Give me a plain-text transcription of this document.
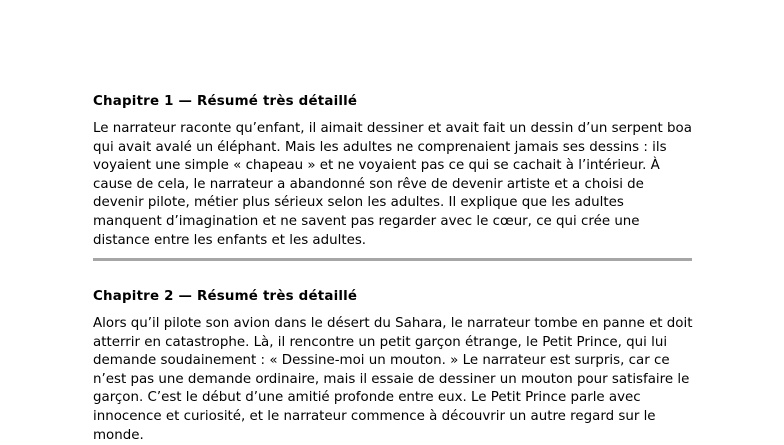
Chapitre 1 — Résumé très détaillé

Le narrateur raconte qu’enfant, il aimait dessiner et avait fait un dessin d’un serpent boa qui avait avalé un éléphant. Mais les adultes ne comprenaient jamais ses dessins : ils voyaient une simple « chapeau » et ne voyaient pas ce qui se cachait à l’intérieur. À cause de cela, le narrateur a abandonné son rêve de devenir artiste et a choisi de devenir pilote, métier plus sérieux selon les adultes. Il explique que les adultes manquent d’imagination et ne savent pas regarder avec le cœur, ce qui crée une distance entre les enfants et les adultes.

Chapitre 2 — Résumé très détaillé

Alors qu’il pilote son avion dans le désert du Sahara, le narrateur tombe en panne et doit atterrir en catastrophe. Là, il rencontre un petit garçon étrange, le Petit Prince, qui lui demande soudainement : « Dessine-moi un mouton. » Le narrateur est surpris, car ce n’est pas une demande ordinaire, mais il essaie de dessiner un mouton pour satisfaire le garçon. C’est le début d’une amitié profonde entre eux. Le Petit Prince parle avec innocence et curiosité, et le narrateur commence à découvrir un autre regard sur le monde.
